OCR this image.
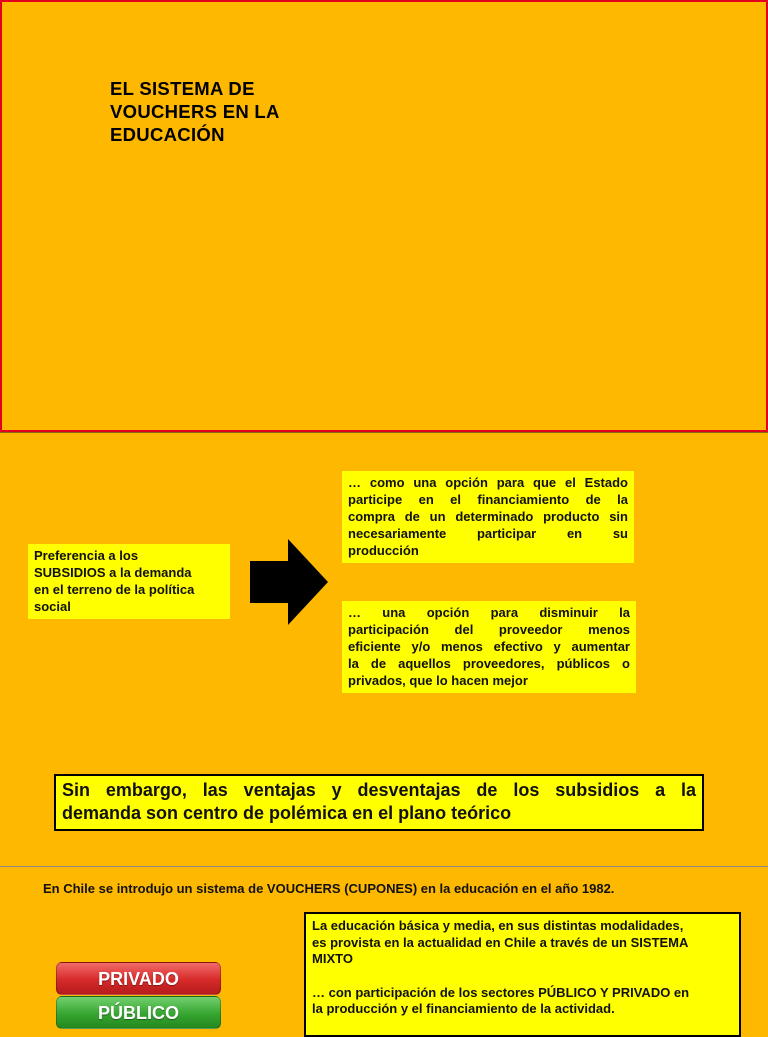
EL SISTEMA DE
VOUCHERS EN LA
EDUCACIÓN
Preferencia a los
SUBSIDIOS a la demanda
en el terreno de la política
social
… como una opción para que el Estado
participe en el financiamiento de la
compra de un determinado producto sin
necesariamente participar en su
producción
… una opción para disminuir la
participación del proveedor menos
eficiente y/o menos efectivo y aumentar
la de aquellos proveedores, públicos o
privados, que lo hacen mejor
Sin embargo, las ventajas y desventajas de los subsidios a la
demanda son centro de polémica en el plano teórico
En Chile se introdujo un sistema de VOUCHERS (CUPONES) en la educación en el año 1982.
La educación básica y media, en sus distintas modalidades,
es provista en la actualidad en Chile a través de un SISTEMA
MIXTO
… con participación de los sectores PÚBLICO Y PRIVADO en
la producción y el financiamiento de la actividad.
PRIVADO
PÚBLICO
